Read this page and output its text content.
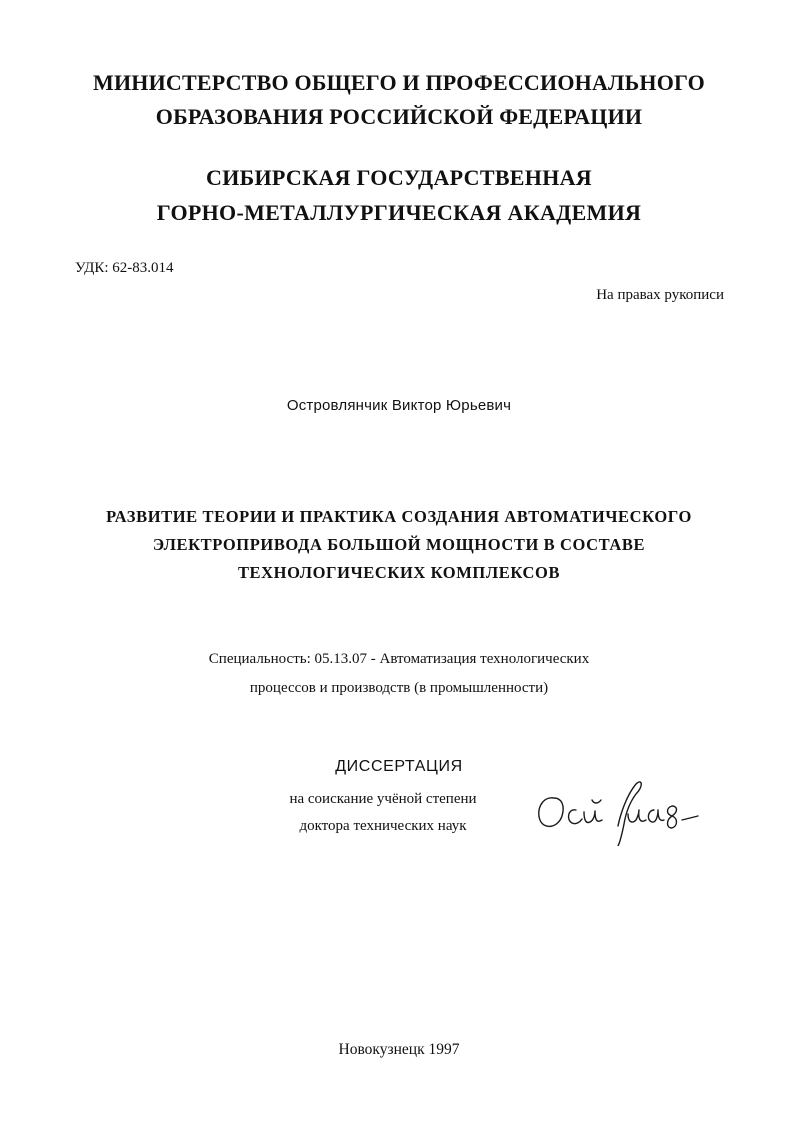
МИНИСТЕРСТВО ОБЩЕГО И ПРОФЕССИОНАЛЬНОГО
ОБРАЗОВАНИЯ РОССИЙСКОЙ ФЕДЕРАЦИИ
СИБИРСКАЯ ГОСУДАРСТВЕННАЯ
ГОРНО-МЕТАЛЛУРГИЧЕСКАЯ АКАДЕМИЯ
УДК: 62-83.014
На правах рукописи
Островлянчик Виктор Юрьевич
РАЗВИТИЕ ТЕОРИИ И ПРАКТИКА СОЗДАНИЯ АВТОМАТИЧЕСКОГО
ЭЛЕКТРОПРИВОДА БОЛЬШОЙ МОЩНОСТИ В СОСТАВЕ
ТЕХНОЛОГИЧЕСКИХ КОМПЛЕКСОВ
Специальность: 05.13.07 - Автоматизация технологических
процессов и производств (в промышленности)
ДИССЕРТАЦИЯ
на соискание учёной степени
доктора технических наук
Новокузнецк 1997
